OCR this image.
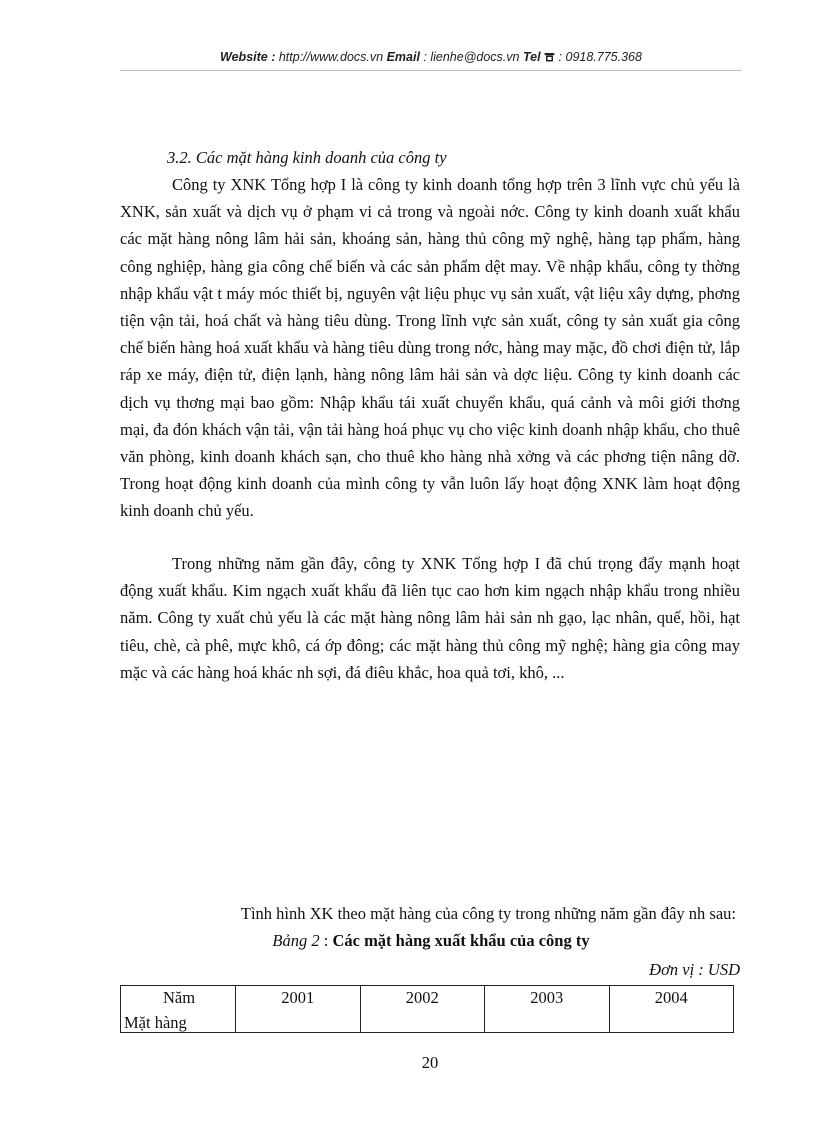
Website : http://www.docs.vn Email : lienhe@docs.vn Tel : 0918.775.368
3.2. Các mặt hàng kinh doanh của công ty

Công ty XNK Tổng hợp I là công ty kinh doanh tổng hợp trên 3 lĩnh vực chủ yếu là XNK, sản xuất và dịch vụ ở phạm vi cả trong và ngoài nớc. Công ty kinh doanh xuất khẩu các mặt hàng nông lâm hải sản, khoáng sản, hàng thủ công mỹ nghệ, hàng tạp phẩm, hàng công nghiệp, hàng gia công chế biến và các sản phẩm dệt may. Về nhập khẩu, công ty thờng nhập khẩu vật t máy móc thiết bị, nguyên vật liệu phục vụ sản xuất, vật liệu xây dựng, phơng tiện vận tải, hoá chất và hàng tiêu dùng. Trong lĩnh vực sản xuất, công ty sản xuất gia công chế biến hàng hoá xuất khẩu và hàng tiêu dùng trong nớc, hàng may mặc, đồ chơi điện tử, lắp ráp xe máy, điện tử, điện lạnh, hàng nông lâm hải sản và dợc liệu. Công ty kinh doanh các dịch vụ thơng mại bao gồm: Nhập khẩu tái xuất chuyển khẩu, quá cảnh và môi giới thơng mại, đa đón khách vận tải, vận tải hàng hoá phục vụ cho việc kinh doanh nhập khẩu, cho thuê văn phòng, kinh doanh khách sạn, cho thuê kho hàng nhà xởng và các phơng tiện nâng dỡ. Trong hoạt động kinh doanh của mình công ty vẫn luôn lấy hoạt động XNK làm hoạt động kinh doanh chủ yếu.

Trong những năm gần đây, công ty XNK Tổng hợp I đã chú trọng đẩy mạnh hoạt động xuất khẩu. Kim ngạch xuất khẩu đã liên tục cao hơn kim ngạch nhập khẩu trong nhiều năm. Công ty xuất chủ yếu là các mặt hàng nông lâm hải sản nh gạo, lạc nhân, quế, hồi, hạt tiêu, chè, cà phê, mực khô, cá ớp đông; các mặt hàng thủ công mỹ nghệ; hàng gia công may mặc và các hàng hoá khác nh sợi, đá điêu khắc, hoa quả tơi, khô, ...

Tình hình XK theo mặt hàng của công ty trong những năm gần đây nh sau:
Bảng 2 : Các mặt hàng xuất khẩu của công ty
Đơn vị : USD
Năm
Mặt hàng
	2001	2002	2003	2004
20
